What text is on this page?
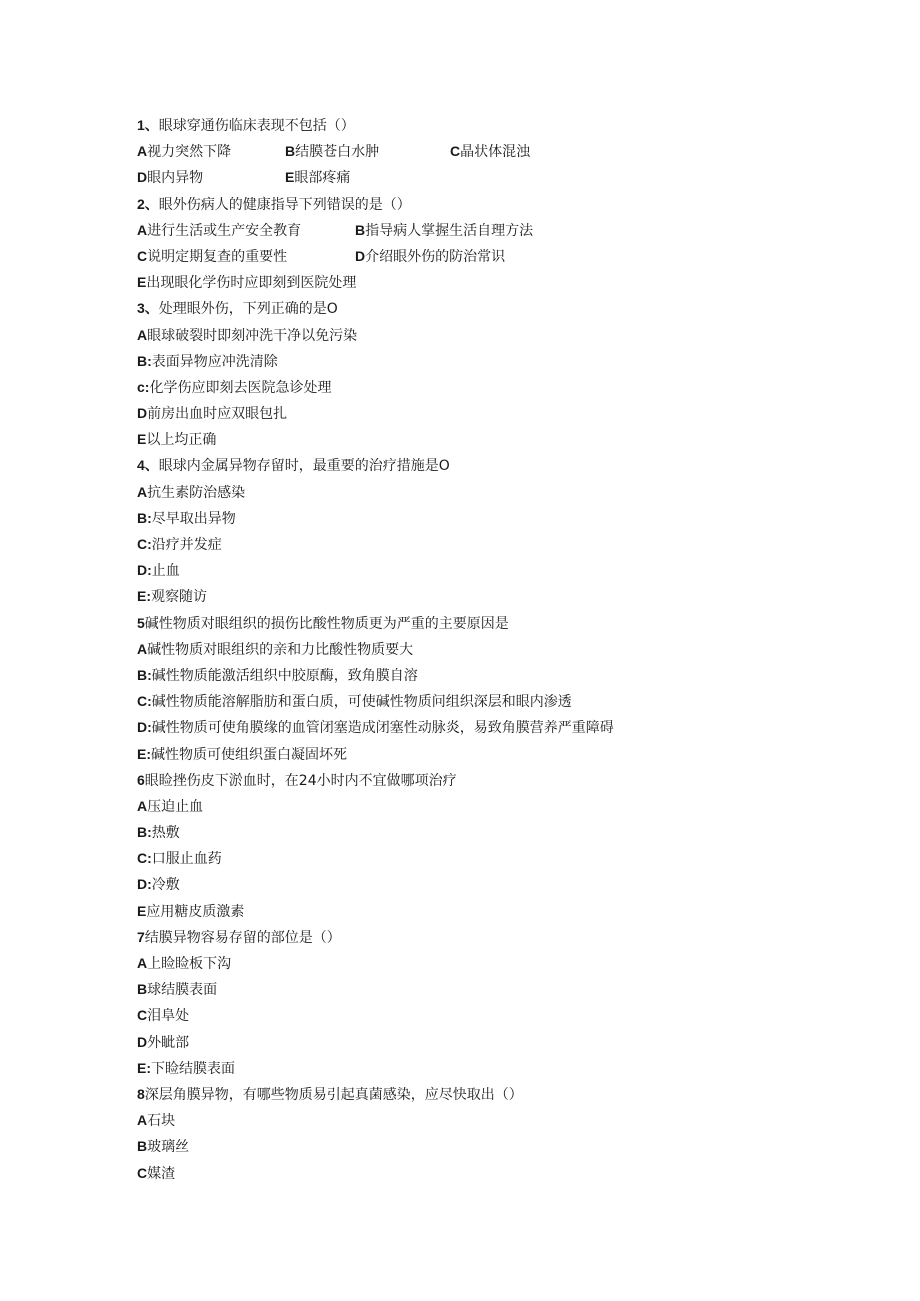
1、眼球穿通伤临床表现不包括（）
A视力突然下降	B结膜苍白水肿	C晶状体混浊
D眼内异物	E眼部疼痛
2、眼外伤病人的健康指导下列错误的是（）
A进行生活或生产安全教育	B指导病人掌握生活自理方法
C说明定期复查的重要性	D介绍眼外伤的防治常识
E出现眼化学伤时应即刻到医院处理
3、处理眼外伤，下列正确的是O
A眼球破裂时即刻冲洗干净以免污染
B:表面异物应冲洗清除
c:化学伤应即刻去医院急诊处理
D前房出血时应双眼包扎
E以上均正确
4、眼球内金属异物存留时，最重要的治疗措施是O
A抗生素防治感染
B:尽早取出异物
C:沿疗并发症
D:止血
E:观察随访
5碱性物质对眼组织的损伤比酸性物质更为严重的主要原因是
A碱性物质对眼组织的亲和力比酸性物质要大
B:碱性物质能激活组织中胶原酶，致角膜自溶
C:碱性物质能溶解脂肪和蛋白质，可使碱性物质问组织深层和眼内渗透
D:碱性物质可使角膜缘的血管闭塞造成闭塞性动脉炎，易致角膜营养严重障碍
E:碱性物质可使组织蛋白凝固坏死
6眼睑挫伤皮下淤血时，在24小时内不宜做哪项治疗
A压迫止血
B:热敷
C:口服止血药
D:冷敷
E应用糖皮质激素
7结膜异物容易存留的部位是（）
A上睑睑板下沟
B球结膜表面
C泪阜处
D外眦部
E:下睑结膜表面
8深层角膜异物，有哪些物质易引起真菌感染，应尽快取出（）
A石块
B玻璃丝
C媒渣
